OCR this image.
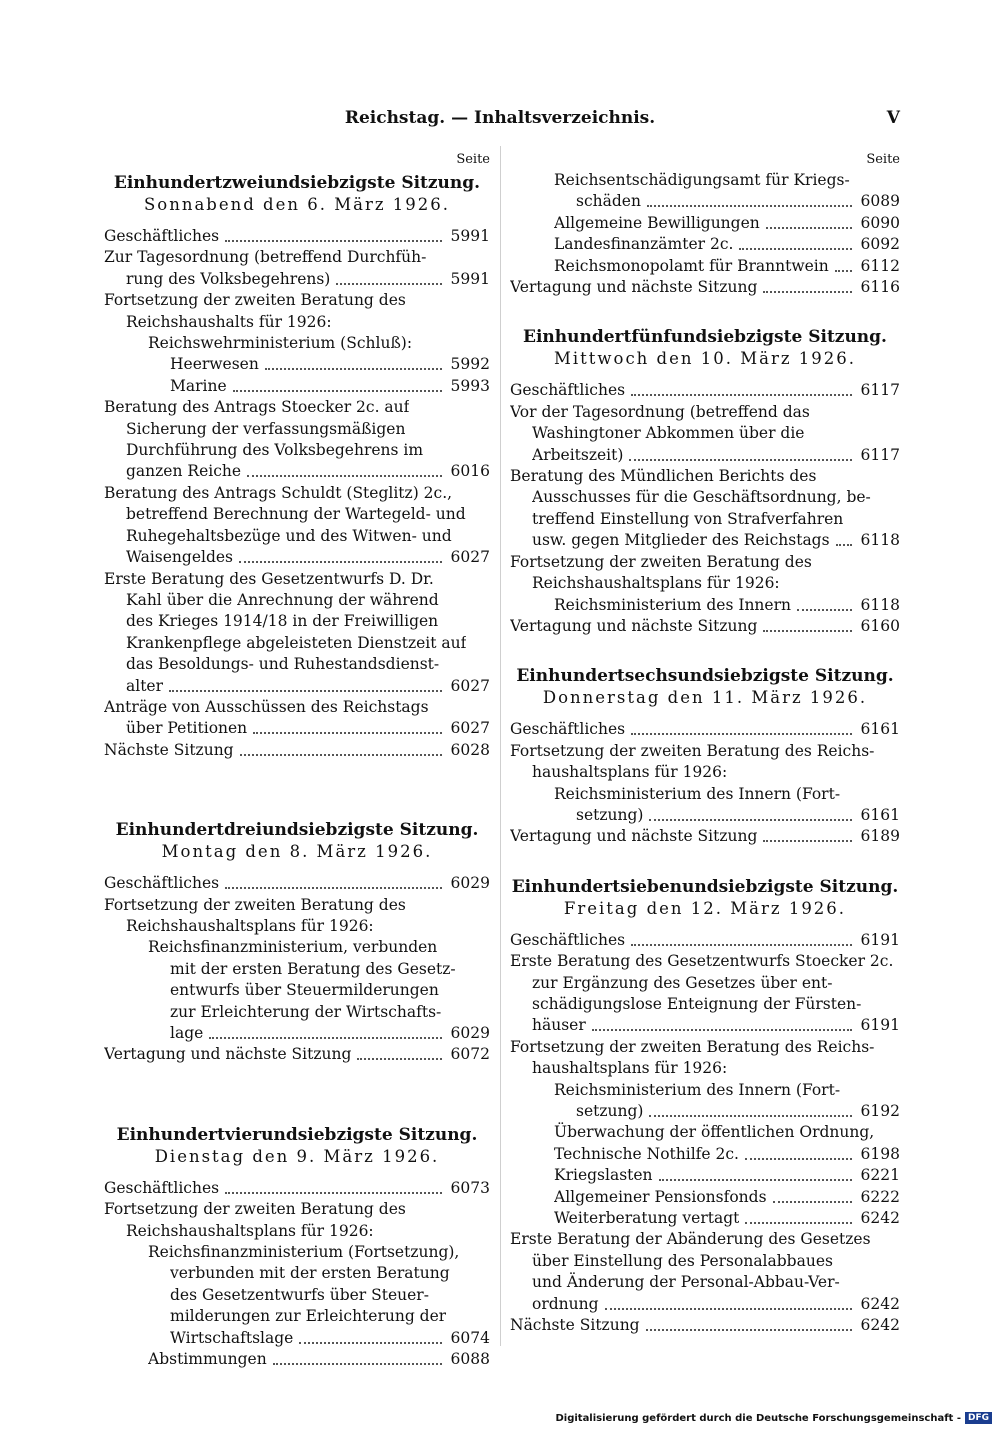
Reichstag. — Inhaltsverzeichnis.	V
Seite
Einhundertzweiundsiebzigste Sitzung.
Sonnabend den 6. März 1926.
Geschäftliches	5991
Zur Tagesordnung (betreffend Durchfüh-
rung des Volksbegehrens)	5991
Fortsetzung der zweiten Beratung des
Reichshaushalts für 1926:
Reichswehrministerium (Schluß):
Heerwesen	5992
Marine	5993
Beratung des Antrags Stoecker 2c. auf
Sicherung der verfassungsmäßigen
Durchführung des Volksbegehrens im
ganzen Reiche	6016
Beratung des Antrags Schuldt (Steglitz) 2c.,
betreffend Berechnung der Wartegeld- und
Ruhegehaltsbezüge und des Witwen- und
Waisengeldes	6027
Erste Beratung des Gesetzentwurfs D. Dr.
Kahl über die Anrechnung der während
des Krieges 1914/18 in der Freiwilligen
Krankenpflege abgeleisteten Dienstzeit auf
das Besoldungs- und Ruhestandsdienst-
alter	6027
Anträge von Ausschüssen des Reichstags
über Petitionen	6027
Nächste Sitzung	6028
Einhundertdreiundsiebzigste Sitzung.
Montag den 8. März 1926.
Geschäftliches	6029
Fortsetzung der zweiten Beratung des
Reichshaushaltsplans für 1926:
Reichsfinanzministerium, verbunden
mit der ersten Beratung des Gesetz-
entwurfs über Steuermilderungen
zur Erleichterung der Wirtschafts-
lage	6029
Vertagung und nächste Sitzung	6072
Einhundertvierundsiebzigste Sitzung.
Dienstag den 9. März 1926.
Geschäftliches	6073
Fortsetzung der zweiten Beratung des
Reichshaushaltsplans für 1926:
Reichsfinanzministerium (Fortsetzung),
verbunden mit der ersten Beratung
des Gesetzentwurfs über Steuer-
milderungen zur Erleichterung der
Wirtschaftslage	6074
Abstimmungen	6088
Seite
Reichsentschädigungsamt für Kriegs-
schäden	6089
Allgemeine Bewilligungen	6090
Landesfinanzämter 2c.	6092
Reichsmonopolamt für Branntwein 6112
Vertagung und nächste Sitzung	6116
Einhundertfünfundsiebzigste Sitzung.
Mittwoch den 10. März 1926.
Geschäftliches	6117
Vor der Tagesordnung (betreffend das
Washingtoner Abkommen über die
Arbeitszeit)	6117
Beratung des Mündlichen Berichts des
Ausschusses für die Geschäftsordnung, be-
treffend Einstellung von Strafverfahren
usw. gegen Mitglieder des Reichstags 6118
Fortsetzung der zweiten Beratung des
Reichshaushaltsplans für 1926:
Reichsministerium des Innern	6118
Vertagung und nächste Sitzung	6160
Einhundertsechsundsiebzigste Sitzung.
Donnerstag den 11. März 1926.
Geschäftliches	6161
Fortsetzung der zweiten Beratung des Reichs-
haushaltsplans für 1926:
Reichsministerium des Innern (Fort-
setzung)	6161
Vertagung und nächste Sitzung	6189
Einhundertsiebenundsiebzigste Sitzung.
Freitag den 12. März 1926.
Geschäftliches	6191
Erste Beratung des Gesetzentwurfs Stoecker 2c.
zur Ergänzung des Gesetzes über ent-
schädigungslose Enteignung der Fürsten-
häuser	6191
Fortsetzung der zweiten Beratung des Reichs-
haushaltsplans für 1926:
Reichsministerium des Innern (Fort-
setzung)	6192
Überwachung der öffentlichen Ordnung,
Technische Nothilfe 2c.	6198
Kriegslasten	6221
Allgemeiner Pensionsfonds	6222
Weiterberatung vertagt	6242
Erste Beratung der Abänderung des Gesetzes
über Einstellung des Personalabbaues
und Änderung der Personal-Abbau-Ver-
ordnung	6242
Nächste Sitzung	6242
Digitalisierung gefördert durch die Deutsche Forschungsgemeinschaft - DFG
